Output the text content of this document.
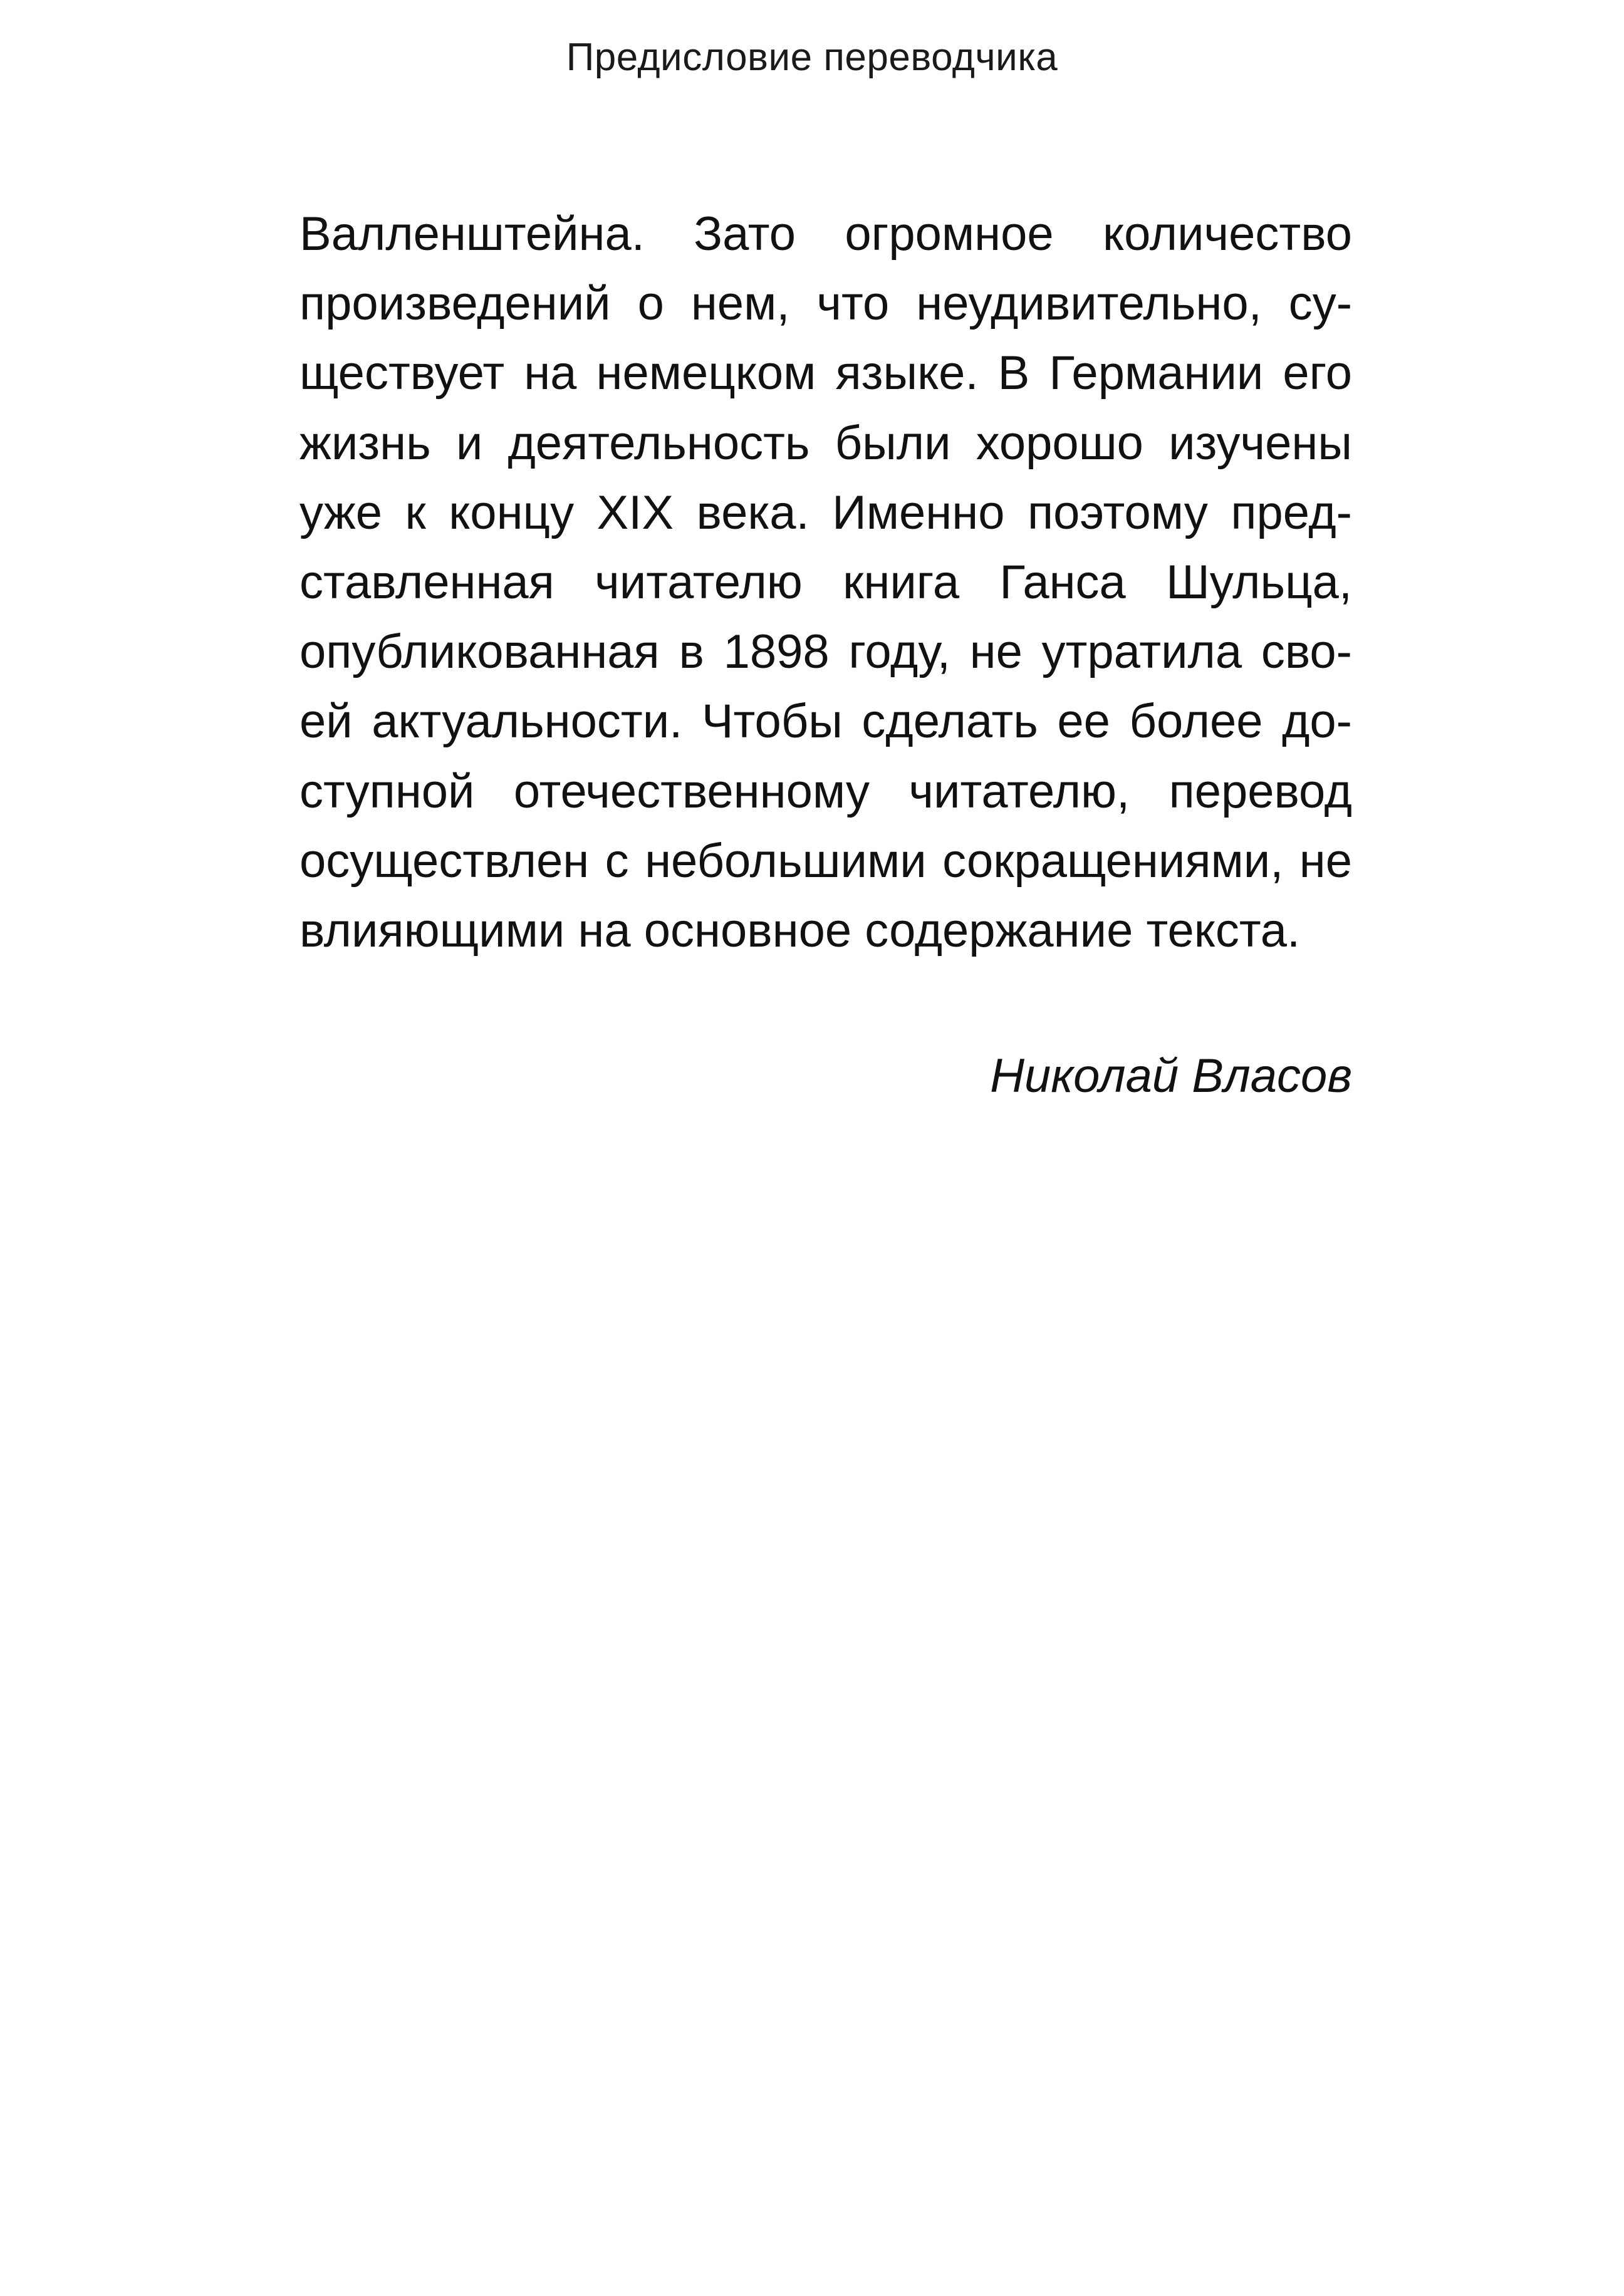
Предисловие переводчика
Валленштейна. Зато огромное количество
произведений о нем, что неудивительно, су-
ществует на немецком языке. В Германии его
жизнь и деятельность были хорошо изучены
уже к концу XIX века. Именно поэтому пред-
ставленная читателю книга Ганса Шульца,
опубликованная в 1898 году, не утратила сво-
ей актуальности. Чтобы сделать ее более до-
ступной отечественному читателю, перевод
осуществлен с небольшими сокращениями, не
влияющими на основное содержание текста.
Николай Власов
